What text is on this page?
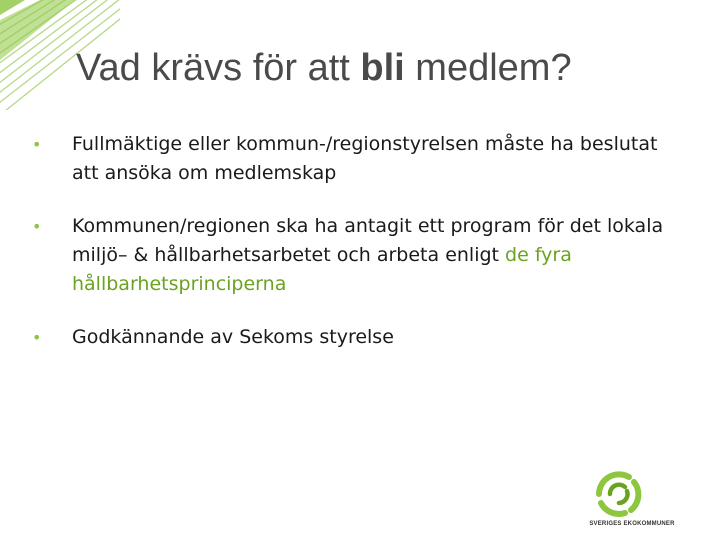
Vad krävs för att bli medlem?
• Fullmäktige eller kommun-/regionstyrelsen måste ha beslutat att ansöka om medlemskap
• Kommunen/regionen ska ha antagit ett program för det lokala miljö– & hållbarhetsarbetet och arbeta enligt de fyra hållbarhetsprinciperna
• Godkännande av Sekoms styrelse
SVERIGES EKOKOMMUNER
